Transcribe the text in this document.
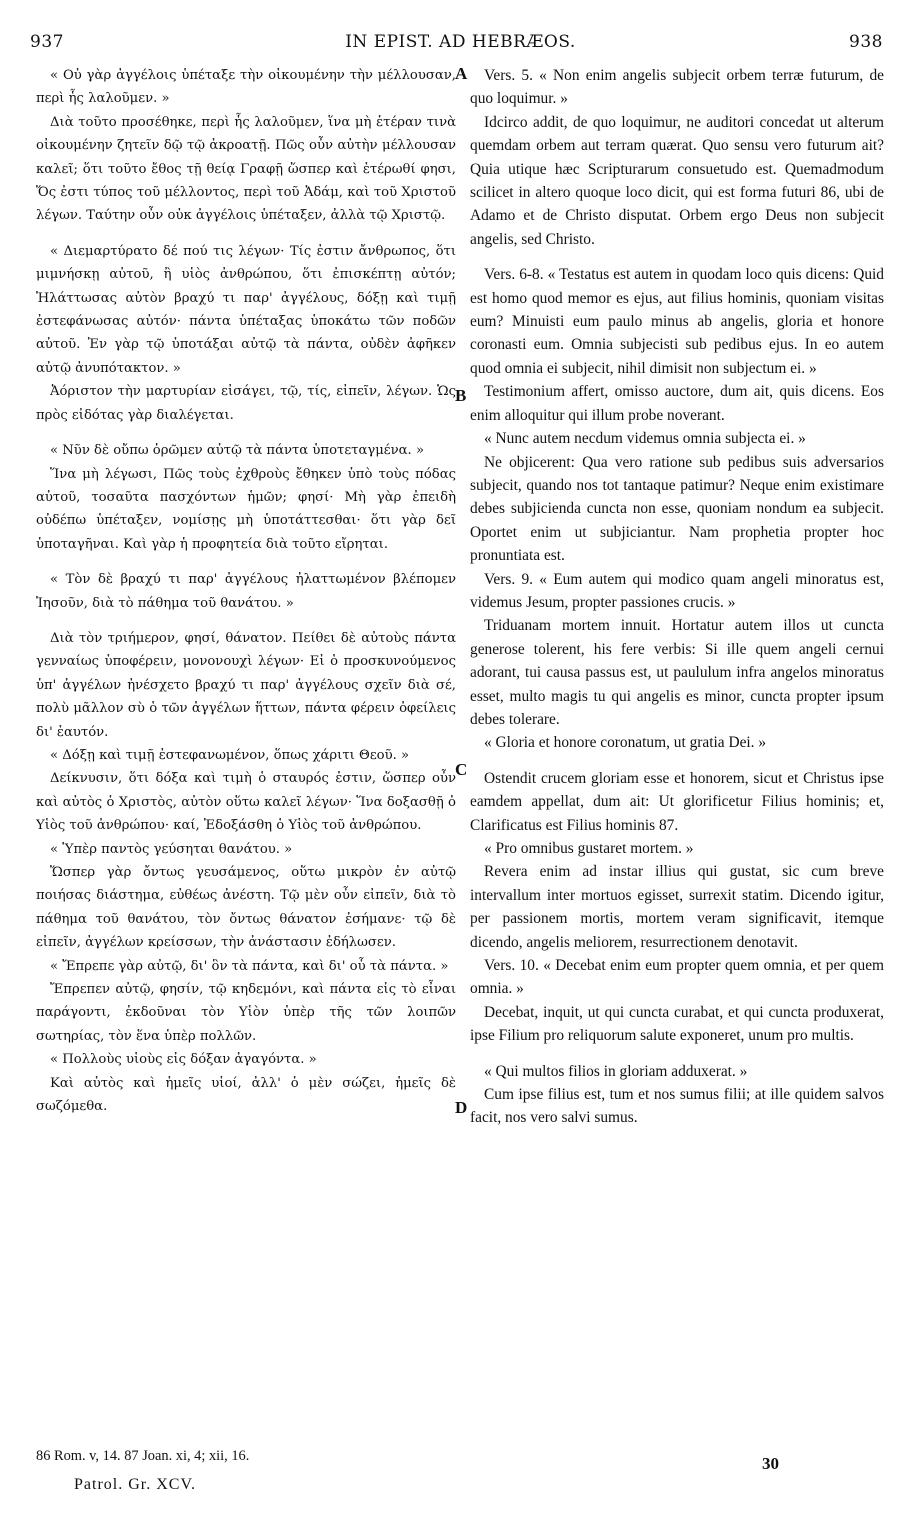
937	IN EPIST. AD HEBRÆOS.	938
A
B
C
D

« Οὐ γὰρ ἀγγέλοις ὑπέταξε τὴν οἰκουμένην τὴν μέλλουσαν, περὶ ἧς λαλοῦμεν. »

Διὰ τοῦτο προσέθηκε, περὶ ἧς λαλοῦμεν, ἵνα μὴ ἑτέραν τινὰ οἰκουμένην ζητεῖν δῷ τῷ ἀκροατῇ. Πῶς οὖν αὐτὴν μέλλουσαν καλεῖ; ὅτι τοῦτο ἔθος τῇ θείᾳ Γραφῇ ὥσπερ καὶ ἑτέρωθί φησι, Ὅς ἐστι τύπος τοῦ μέλλοντος, περὶ τοῦ Ἀδάμ, καὶ τοῦ Χριστοῦ λέγων. Ταύτην οὖν οὐκ ἀγγέλοις ὑπέταξεν, ἀλλὰ τῷ Χριστῷ.

« Διεμαρτύρατο δέ πού τις λέγων· Τίς ἐστιν ἄνθρωπος, ὅτι μιμνήσκῃ αὐτοῦ, ἢ υἱὸς ἀνθρώπου, ὅτι ἐπισκέπτῃ αὐτόν; Ἠλάττωσας αὐτὸν βραχύ τι παρ' ἀγγέλους, δόξῃ καὶ τιμῇ ἐστεφάνωσας αὐτόν· πάντα ὑπέταξας ὑποκάτω τῶν ποδῶν αὐτοῦ. Ἐν γὰρ τῷ ὑποτάξαι αὐτῷ τὰ πάντα, οὐδὲν ἀφῆκεν αὐτῷ ἀνυπότακτον. »

Ἀόριστον τὴν μαρτυρίαν εἰσάγει, τῷ, τίς, εἰπεῖν, λέγων. Ὡς πρὸς εἰδότας γὰρ διαλέγεται.

« Νῦν δὲ οὔπω ὁρῶμεν αὐτῷ τὰ πάντα ὑποτεταγμένα. »

Ἵνα μὴ λέγωσι, Πῶς τοὺς ἐχθροὺς ἔθηκεν ὑπὸ τοὺς πόδας αὐτοῦ, τοσαῦτα πασχόντων ἡμῶν; φησί· Μὴ γὰρ ἐπειδὴ οὐδέπω ὑπέταξεν, νομίσῃς μὴ ὑποτάττεσθαι· ὅτι γὰρ δεῖ ὑποταγῆναι. Καὶ γὰρ ἡ προφητεία διὰ τοῦτο εἴρηται.

« Τὸν δὲ βραχύ τι παρ' ἀγγέλους ἠλαττωμένον βλέπομεν Ἰησοῦν, διὰ τὸ πάθημα τοῦ θανάτου. »

Διὰ τὸν τριήμερον, φησί, θάνατον. Πείθει δὲ αὐτοὺς πάντα γενναίως ὑποφέρειν, μονονουχὶ λέγων· Εἰ ὁ προσκυνούμενος ὑπ' ἀγγέλων ἠνέσχετο βραχύ τι παρ' ἀγγέλους σχεῖν διὰ σέ, πολὺ μᾶλλον σὺ ὁ τῶν ἀγγέλων ἥττων, πάντα φέρειν ὀφείλεις δι' ἑαυτόν.

« Δόξῃ καὶ τιμῇ ἐστεφανωμένον, ὅπως χάριτι Θεοῦ. »

Δείκνυσιν, ὅτι δόξα καὶ τιμὴ ὁ σταυρός ἐστιν, ὥσπερ οὖν καὶ αὐτὸς ὁ Χριστὸς, αὐτὸν οὕτω καλεῖ λέγων· Ἵνα δοξασθῇ ὁ Υἱὸς τοῦ ἀνθρώπου· καί, Ἐδοξάσθη ὁ Υἱὸς τοῦ ἀνθρώπου.

« Ὑπὲρ παντὸς γεύσηται θανάτου. »

Ὥσπερ γὰρ ὄντως γευσάμενος, οὕτω μικρὸν ἐν αὐτῷ ποιήσας διάστημα, εὐθέως ἀνέστη. Τῷ μὲν οὖν εἰπεῖν, διὰ τὸ πάθημα τοῦ θανάτου, τὸν ὄντως θάνατον ἐσήμανε· τῷ δὲ εἰπεῖν, ἀγγέλων κρείσσων, τὴν ἀνάστασιν ἐδήλωσεν.

« Ἔπρεπε γὰρ αὐτῷ, δι' ὃν τὰ πάντα, καὶ δι' οὗ τὰ πάντα. »

Ἔπρεπεν αὐτῷ, φησίν, τῷ κηδεμόνι, καὶ πάντα εἰς τὸ εἶναι παράγοντι, ἐκδοῦναι τὸν Υἱὸν ὑπὲρ τῆς τῶν λοιπῶν σωτηρίας, τὸν ἕνα ὑπὲρ πολλῶν.

« Πολλοὺς υἱοὺς εἰς δόξαν ἀγαγόντα. »

Καὶ αὐτὸς καὶ ἡμεῖς υἱοί, ἀλλ' ὁ μὲν σώζει, ἡμεῖς δὲ σωζόμεθα.

Vers. 5. « Non enim angelis subjecit orbem terræ futurum, de quo loquimur. »

Idcirco addit, de quo loquimur, ne auditori concedat ut alterum quemdam orbem aut terram quærat. Quo sensu vero futurum ait? Quia utique hæc Scripturarum consuetudo est. Quemadmodum scilicet in altero quoque loco dicit, qui est forma futuri 86, ubi de Adamo et de Christo disputat. Orbem ergo Deus non subjecit angelis, sed Christo.

Vers. 6-8. « Testatus est autem in quodam loco quis dicens: Quid est homo quod memor es ejus, aut filius hominis, quoniam visitas eum? Minuisti eum paulo minus ab angelis, gloria et honore coronasti eum. Omnia subjecisti sub pedibus ejus. In eo autem quod omnia ei subjecit, nihil dimisit non subjectum ei. »

Testimonium affert, omisso auctore, dum ait, quis dicens. Eos enim alloquitur qui illum probe noverant.

« Nunc autem necdum videmus omnia subjecta ei. »

Ne objicerent: Qua vero ratione sub pedibus suis adversarios subjecit, quando nos tot tantaque patimur? Neque enim existimare debes subjicienda cuncta non esse, quoniam nondum ea subjecit. Oportet enim ut subjiciantur. Nam prophetia propter hoc pronuntiata est.

Vers. 9. « Eum autem qui modico quam angeli minoratus est, videmus Jesum, propter passiones crucis. »

Triduanam mortem innuit. Hortatur autem illos ut cuncta generose tolerent, his fere verbis: Si ille quem angeli cernui adorant, tui causa passus est, ut paululum infra angelos minoratus esset, multo magis tu qui angelis es minor, cuncta propter ipsum debes tolerare.

« Gloria et honore coronatum, ut gratia Dei. »

Ostendit crucem gloriam esse et honorem, sicut et Christus ipse eamdem appellat, dum ait: Ut glorificetur Filius hominis; et, Clarificatus est Filius hominis 87.

« Pro omnibus gustaret mortem. »

Revera enim ad instar illius qui gustat, sic cum breve intervallum inter mortuos egisset, surrexit statim. Dicendo igitur, per passionem mortis, mortem veram significavit, itemque dicendo, angelis meliorem, resurrectionem denotavit.

Vers. 10. « Decebat enim eum propter quem omnia, et per quem omnia. »

Decebat, inquit, ut qui cuncta curabat, et qui cuncta produxerat, ipse Filium pro reliquorum salute exponeret, unum pro multis.

« Qui multos filios in gloriam adduxerat. »

Cum ipse filius est, tum et nos sumus filii; at ille quidem salvos facit, nos vero salvi sumus.

86 Rom. v, 14. 87 Joan. xi, 4; xii, 16.
Patrol. Gr. XCV.
30
